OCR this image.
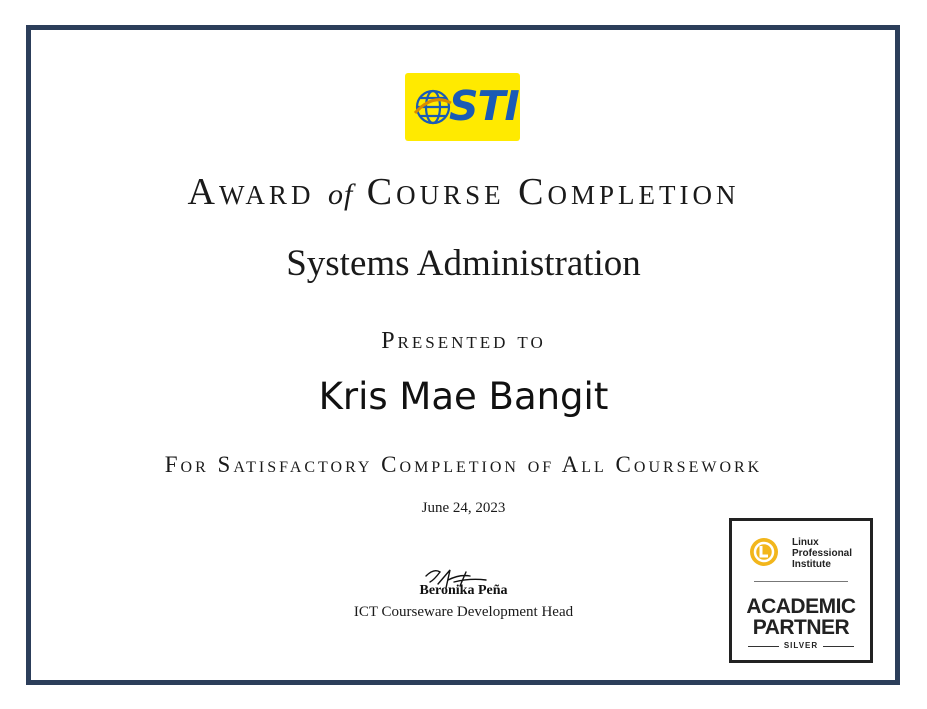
STI
Award of Course Completion
Systems Administration
Presented to
Kris Mae Bangit
For Satisfactory Completion of All Coursework
June 24, 2023
Beronika Peña
ICT Courseware Development Head
Linux
Professional
Institute
ACADEMIC
PARTNER
SILVER
